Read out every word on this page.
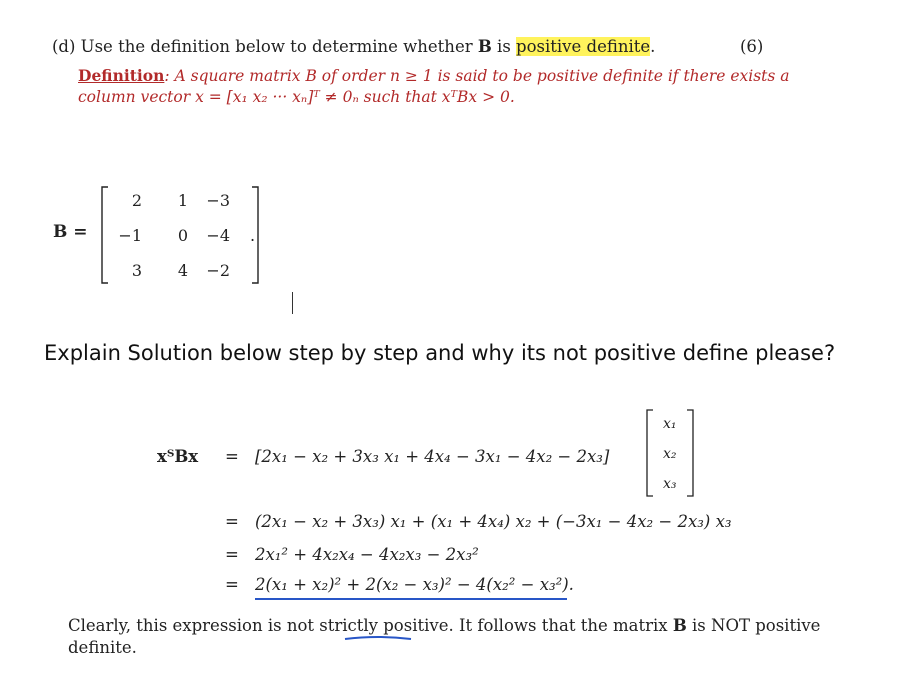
(d) Use the definition below to determine whether B is positive definite.	(6)
Definition: A square matrix B of order n ≥ 1 is said to be positive definite if there exists a
column vector x = [x₁ x₂ ··· xₙ]ᵀ ≠ 0ₙ such that xᵀBx > 0.
B =
2	1	−3
−1	0	−4
3	4	−2
.
Explain Solution below step by step and why its not positive define please?
xᵀBx = [2x₁ − x₂ + 3x₃ x₁ + 4x₄ − 3x₁ − 4x₂ − 2x₃]
x₁
x₂
x₃
= (2x₁ − x₂ + 3x₃) x₁ + (x₁ + 4x₄) x₂ + (−3x₁ − 4x₂ − 2x₃) x₃
= 2x₁² + 4x₂x₄ − 4x₂x₃ − 2x₃²
= 2(x₁ + x₂)² + 2(x₂ − x₃)² − 4(x₂² − x₃²).
Clearly, this expression is not strictly positive. It follows that the matrix B is NOT positive
definite.
